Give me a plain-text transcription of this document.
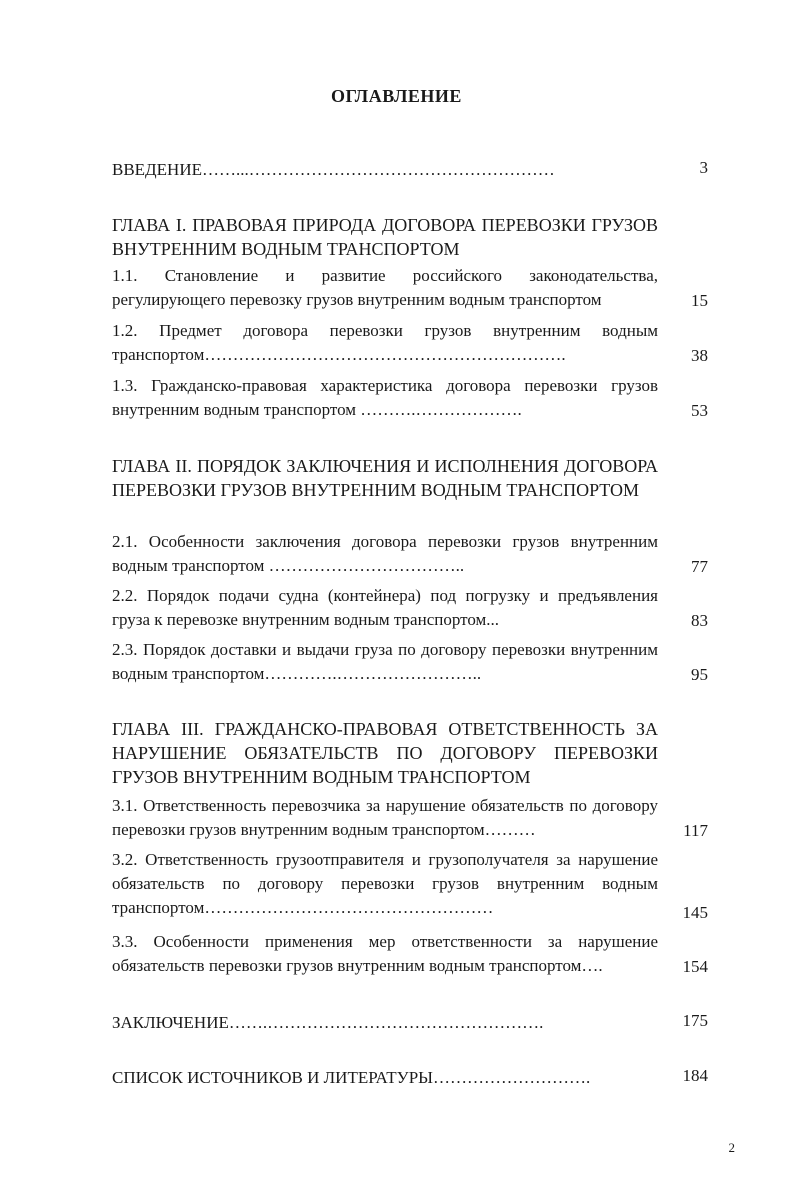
ОГЛАВЛЕНИЕ
ВВЕДЕНИЕ……...………………………………………………	3
ГЛАВА I. ПРАВОВАЯ ПРИРОДА ДОГОВОРА ПЕРЕВОЗКИ ГРУЗОВ ВНУТРЕННИМ ВОДНЫМ ТРАНСПОРТОМ
1.1. Становление и развитие российского законодательства, регулирующего перевозку грузов внутренним водным транспортом	15
1.2. Предмет договора перевозки грузов внутренним водным транспортом……………………………………………………….	38
1.3. Гражданско-правовая характеристика договора перевозки грузов внутренним водным транспортом ……….……………….	53
ГЛАВА II. ПОРЯДОК ЗАКЛЮЧЕНИЯ И ИСПОЛНЕНИЯ ДОГОВОРА ПЕРЕВОЗКИ ГРУЗОВ ВНУТРЕННИМ ВОДНЫМ ТРАНСПОРТОМ
2.1. Особенности заключения договора перевозки грузов внутренним водным транспортом ……………………………..	77
2.2. Порядок подачи судна (контейнера) под погрузку и предъявления груза к перевозке внутренним водным транспортом...	83
2.3. Порядок доставки и выдачи груза по договору перевозки внутренним водным транспортом………….……………………..	95
ГЛАВА III. ГРАЖДАНСКО-ПРАВОВАЯ ОТВЕТСТВЕННОСТЬ ЗА НАРУШЕНИЕ ОБЯЗАТЕЛЬСТВ ПО ДОГОВОРУ ПЕРЕВОЗКИ ГРУЗОВ ВНУТРЕННИМ ВОДНЫМ ТРАНСПОРТОМ
3.1. Ответственность перевозчика за нарушение обязательств по договору перевозки грузов внутренним водным транспортом………	117
3.2. Ответственность грузоотправителя и грузополучателя за нарушение обязательств по договору перевозки грузов внутренним водным транспортом……………………………………………	145
3.3. Особенности применения мер ответственности за нарушение обязательств перевозки грузов внутренним водным транспортом….	154
ЗАКЛЮЧЕНИЕ…….………………………………………….	175
СПИСОК ИСТОЧНИКОВ И ЛИТЕРАТУРЫ……………………….	184
2
